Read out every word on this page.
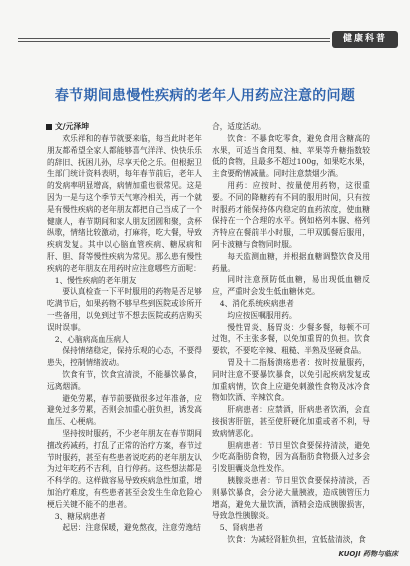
健康科普
春节期间患慢性疾病的老年人用药应注意的问题
文/元泽坤

欢乐祥和的春节就要来临，每当此时老年朋友都希望全家人都能够喜气洋洋、快快乐乐的辞旧、抚困儿孙，尽享天伦之乐。但根据卫生部门统计资料表明，每年春节前后，老年人的发病率明显增高，病情加重也很常见。这是因为一是与这个季节天气寒冷相关，再一个就是有慢性疾病的老年朋友都把自己当成了一个健康人，春节期间和家人朋友团圆和聚，贪杯纵歌，情绪比较激动，打麻将，吃大餐，导致疾病发复。其中以心脑血管疾病、糖尿病和肝、胆、肾等慢性疾病为常见。那么患有慢性疾病的老年朋友在用药时应注意哪些方面呢：

1、慢性疾病的老年朋友

要认真检查一下平时服用的药物是否足够吃满节后，如果药物不够早些到医院或诊所开一些备用，以免到过节不想去医院或药店购买误时误事。

2、心脑病高血压病人

保持情绪稳定，保持乐观的心态，不要得患失，控制情绪波动。

饮食有节，饮食宜清淡，不能暴饮暴食，远离烟酒。

避免劳累，春节前要做很多过年准备，应避免过多劳累，否则会加重心脏负担，诱发高血压、心梗病。

坚持按时服药，不少老年朋友在春节期间擅改药减药，打乱了正常的治疗方案，春节过节时服药，甚至有些患者说吃药的老年朋友认为过年吃药不吉利，自行停药。这些想法都是不科学的。这样做容易导致疾病急性加重，增加治疗难度，有些患者甚至会发生生命危险心梗后关键不能不的患者。

3、糖尿病患者

起居：注意保暖，避免熬夜，注意劳逸结

合，适度活动。

饮食：不暴食吃零食，避免食用含糖高的水果，可适当食用梨、柚、苹果等升糖指数较低的食物，且最多不超过100g，如果吃水果，主食要酌情减量。同时注意禁烟少酒。

用药：应按时、按量使用药物，这很重要。不同的降糖药有不同的服用时间，只有按时服药才能保持体内稳定的血药浓度，使血糖保持在一个合理的水平。例如格列本脲、格列齐特应在餐前半小时服，二甲双胍餐后服用，阿卡波糖与食物同时服。

每天监测血糖，并根据血糖调整饮食及用药量。

同时注意预防低血糖，易出现低血糖反应，严重时会发生低血糖休克。

4、消化系统疾病患者

均应按医嘱服用药。

慢性胃炎、肠胃炎：少餐多餐，每顿不可过饱，不主张多餐，以免加重胃的负担。饮食要软，不要吃辛辣、粗糙、半熟及坚硬食品。

胃及十二指肠溃疡患者：按时按量服药，同时注意不要暴饮暴食，以免引起疾病发复或加重病情，饮食上应避免刺激性食物及冰冷食物如饮酒、辛辣饮食。

肝病患者：应禁酒，肝病患者饮酒，会直接损害肝脏，甚至使肝硬化加重或者不利，导致病情恶化。

胆病患者：节日里饮食要保持清淡，避免少吃高脂肪食物，因为高脂肪食物摄入过多会引发胆囊炎急性发作。

胰腺炎患者：节日里饮食要保持清淡，否则暴饮暴食，会分泌大量胰液，造成胰管压力增高，避免大量饮酒，酒精会造成胰腺损害，导致急性胰腺炎。

5、肾病患者

饮食：为减轻肾脏负担，宜低盐清淡，食

KUOJI 药物与临床
